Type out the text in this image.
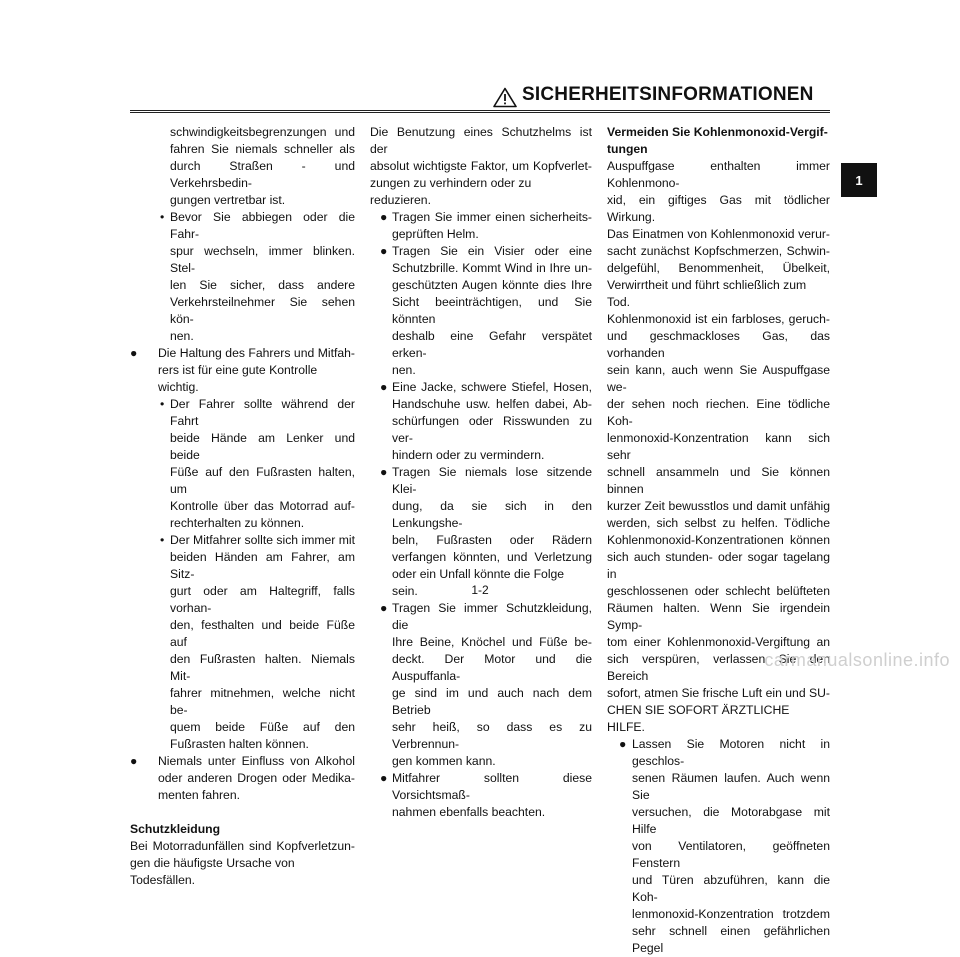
SICHERHEITSINFORMATIONEN
1

schwindigkeitsbegrenzungen und

fahren Sie niemals schneller als

durch Straßen - und Verkehrsbedin-

gungen vertretbar ist.

• Bevor Sie abbiegen oder die Fahr-

spur wechseln, immer blinken. Stel-

len Sie sicher, dass andere

Verkehrsteilnehmer Sie sehen kön-

nen.

●	Die Haltung des Fahrers und Mitfah-

rers ist für eine gute Kontrolle wichtig.

• Der Fahrer sollte während der Fahrt

beide Hände am Lenker und beide

Füße auf den Fußrasten halten, um

Kontrolle über das Motorrad auf-

rechterhalten zu können.

• Der Mitfahrer sollte sich immer mit

beiden Händen am Fahrer, am Sitz-

gurt oder am Haltegriff, falls vorhan-

den, festhalten und beide Füße auf

den Fußrasten halten. Niemals Mit-

fahrer mitnehmen, welche nicht be-

quem beide Füße auf den

Fußrasten halten können.

●	Niemals unter Einfluss von Alkohol

oder anderen Drogen oder Medika-

menten fahren.

Schutzkleidung

Bei Motorradunfällen sind Kopfverletzun-

gen die häufigste Ursache von Todesfällen.

Die Benutzung eines Schutzhelms ist der

absolut wichtigste Faktor, um Kopfverlet-

zungen zu verhindern oder zu reduzieren.

● Tragen Sie immer einen sicherheits-

geprüften Helm.

● Tragen Sie ein Visier oder eine

Schutzbrille. Kommt Wind in Ihre un-

geschützten Augen könnte dies Ihre

Sicht beeinträchtigen, und Sie könnten

deshalb eine Gefahr verspätet erken-

nen.

● Eine Jacke, schwere Stiefel, Hosen,

Handschuhe usw. helfen dabei, Ab-

schürfungen oder Risswunden zu ver-

hindern oder zu vermindern.

● Tragen Sie niemals lose sitzende Klei-

dung, da sie sich in den Lenkungshe-

beln, Fußrasten oder Rädern

verfangen könnten, und Verletzung

oder ein Unfall könnte die Folge sein.

● Tragen Sie immer Schutzkleidung, die

Ihre Beine, Knöchel und Füße be-

deckt. Der Motor und die Auspuffanla-

ge sind im und auch nach dem Betrieb

sehr heiß, so dass es zu Verbrennun-

gen kommen kann.

● Mitfahrer sollten diese Vorsichtsmaß-

nahmen ebenfalls beachten.

Vermeiden Sie Kohlenmonoxid-Vergif-

tungen

Auspuffgase enthalten immer Kohlenmono-

xid, ein giftiges Gas mit tödlicher Wirkung.

Das Einatmen von Kohlenmonoxid verur-

sacht zunächst Kopfschmerzen, Schwin-

delgefühl, Benommenheit, Übelkeit,

Verwirrtheit und führt schließlich zum Tod.

Kohlenmonoxid ist ein farbloses, geruch-

und geschmackloses Gas, das vorhanden

sein kann, auch wenn Sie Auspuffgase we-

der sehen noch riechen. Eine tödliche Koh-

lenmonoxid-Konzentration kann sich sehr

schnell ansammeln und Sie können binnen

kurzer Zeit bewusstlos und damit unfähig

werden, sich selbst zu helfen. Tödliche

Kohlenmonoxid-Konzentrationen können

sich auch stunden- oder sogar tagelang in

geschlossenen oder schlecht belüfteten

Räumen halten. Wenn Sie irgendein Symp-

tom einer Kohlenmonoxid-Vergiftung an

sich verspüren, verlassen Sie den Bereich

sofort, atmen Sie frische Luft ein und SU-

CHEN SIE SOFORT ÄRZTLICHE HILFE.

● Lassen Sie Motoren nicht in geschlos-

senen Räumen laufen. Auch wenn Sie

versuchen, die Motorabgase mit Hilfe

von Ventilatoren, geöffneten Fenstern

und Türen abzuführen, kann die Koh-

lenmonoxid-Konzentration trotzdem

sehr schnell einen gefährlichen Pegel

1-2
carmanualsonline.info
